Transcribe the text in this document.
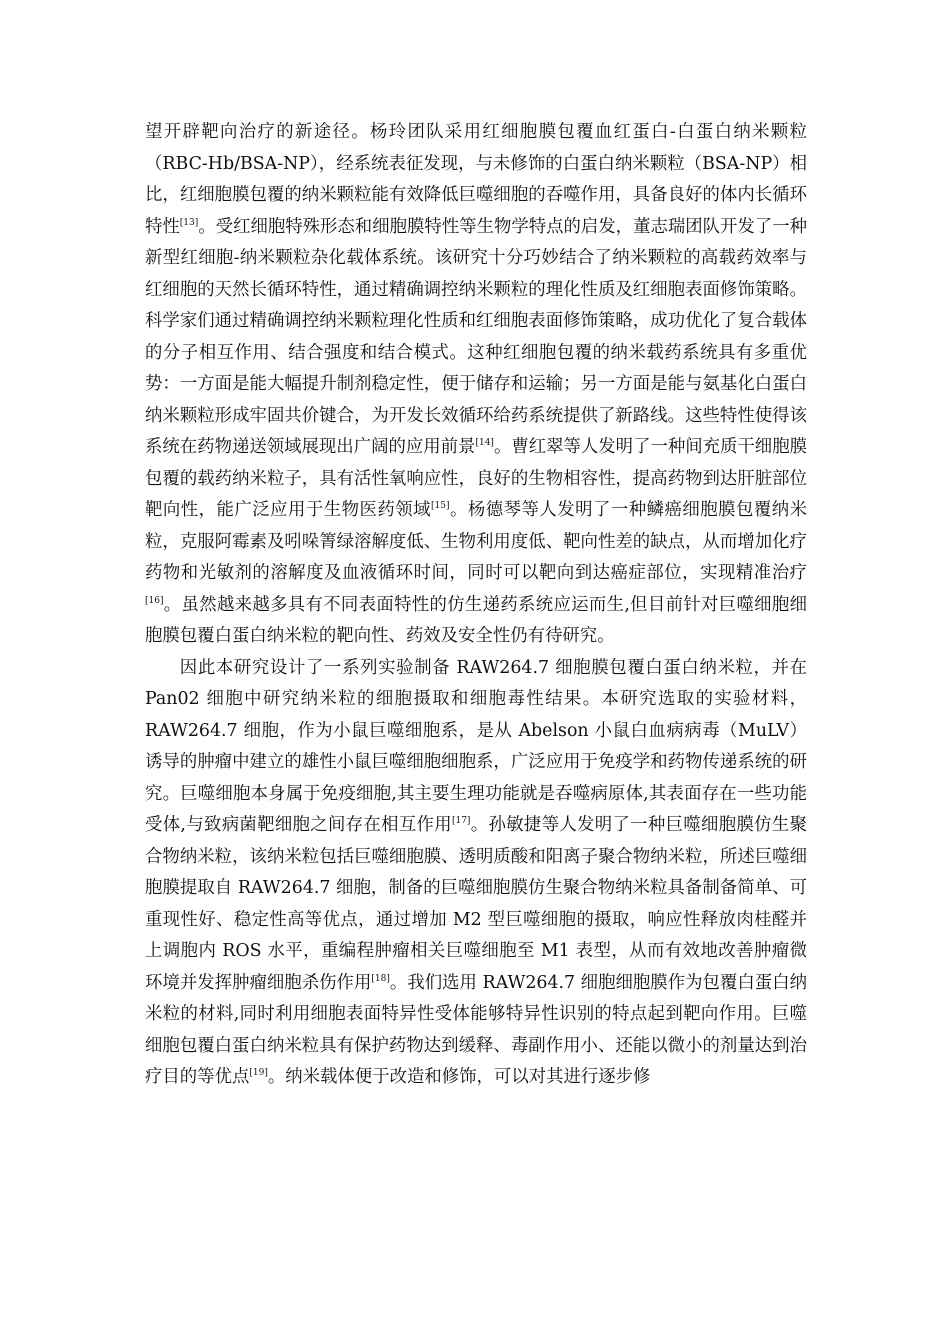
望开辟靶向治疗的新途径。杨玲团队采用红细胞膜包覆血红蛋白-白蛋白纳米颗粒（RBC-Hb/BSA-NP），经系统表征发现，与未修饰的白蛋白纳米颗粒（BSA-NP）相比，红细胞膜包覆的纳米颗粒能有效降低巨噬细胞的吞噬作用，具备良好的体内长循环特性[13]。受红细胞特殊形态和细胞膜特性等生物学特点的启发，董志瑞团队开发了一种新型红细胞-纳米颗粒杂化载体系统。该研究十分巧妙结合了纳米颗粒的高载药效率与红细胞的天然长循环特性，通过精确调控纳米颗粒的理化性质及红细胞表面修饰策略。科学家们通过精确调控纳米颗粒理化性质和红细胞表面修饰策略，成功优化了复合载体的分子相互作用、结合强度和结合模式。这种红细胞包覆的纳米载药系统具有多重优势：一方面是能大幅提升制剂稳定性，便于储存和运输；另一方面是能与氨基化白蛋白纳米颗粒形成牢固共价键合，为开发长效循环给药系统提供了新路线。这些特性使得该系统在药物递送领域展现出广阔的应用前景[14]。曹红翠等人发明了一种间充质干细胞膜包覆的载药纳米粒子，具有活性氧响应性，良好的生物相容性，提高药物到达肝脏部位靶向性，能广泛应用于生物医药领域[15]。杨德琴等人发明了一种鳞癌细胞膜包覆纳米粒，克服阿霉素及吲哚箐绿溶解度低、生物利用度低、靶向性差的缺点，从而增加化疗药物和光敏剂的溶解度及血液循环时间，同时可以靶向到达癌症部位，实现精准治疗[16]。虽然越来越多具有不同表面特性的仿生递药系统应运而生,但目前针对巨噬细胞细胞膜包覆白蛋白纳米粒的靶向性、药效及安全性仍有待研究。

因此本研究设计了一系列实验制备 RAW264.7 细胞膜包覆白蛋白纳米粒，并在 Pan02 细胞中研究纳米粒的细胞摄取和细胞毒性结果。本研究选取的实验材料，RAW264.7 细胞，作为小鼠巨噬细胞系，是从 Abelson 小鼠白血病病毒（MuLV）诱导的肿瘤中建立的雄性小鼠巨噬细胞细胞系，广泛应用于免疫学和药物传递系统的研究。巨噬细胞本身属于免疫细胞,其主要生理功能就是吞噬病原体,其表面存在一些功能受体,与致病菌靶细胞之间存在相互作用[17]。孙敏捷等人发明了一种巨噬细胞膜仿生聚合物纳米粒，该纳米粒包括巨噬细胞膜、透明质酸和阳离子聚合物纳米粒，所述巨噬细胞膜提取自 RAW264.7 细胞，制备的巨噬细胞膜仿生聚合物纳米粒具备制备简单、可重现性好、稳定性高等优点，通过增加 M2 型巨噬细胞的摄取，响应性释放肉桂醛并上调胞内 ROS 水平，重编程肿瘤相关巨噬细胞至 M1 表型，从而有效地改善肿瘤微环境并发挥肿瘤细胞杀伤作用[18]。我们选用 RAW264.7 细胞细胞膜作为包覆白蛋白纳米粒的材料,同时利用细胞表面特异性受体能够特异性识别的特点起到靶向作用。巨噬细胞包覆白蛋白纳米粒具有保护药物达到缓释、毒副作用小、还能以微小的剂量达到治疗目的等优点[19]。纳米载体便于改造和修饰，可以对其进行逐步修
